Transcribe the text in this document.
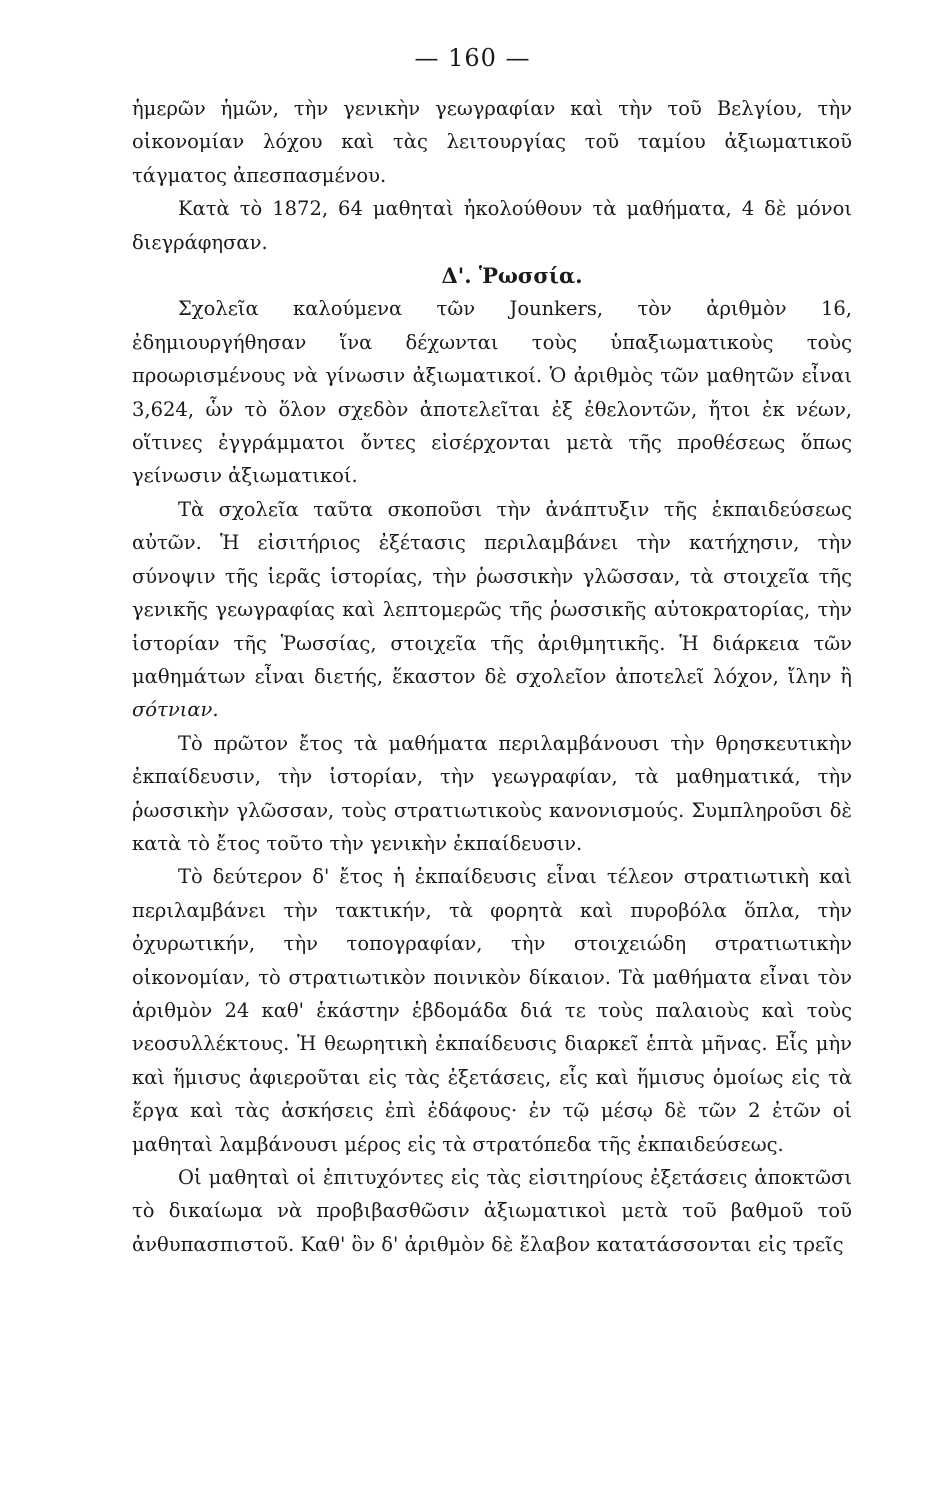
— 160 —

ἡμερῶν ἡμῶν, τὴν γενικὴν γεωγραφίαν καὶ τὴν τοῦ Βελγίου, τὴν οἰκονομίαν λόχου καὶ τὰς λειτουργίας τοῦ ταμίου ἀξιωματικοῦ τάγματος ἀπεσπασμένου.

Κατὰ τὸ 1872, 64 μαθηταὶ ἠκολούθουν τὰ μαθήματα, 4 δὲ μόνοι διεγράφησαν.

Δ'. Ῥωσσία.

Σχολεῖα καλούμενα τῶν Jounkers, τὸν ἀριθμὸν 16, ἐδημιουργήθησαν ἵνα δέχωνται τοὺς ὑπαξιωματικοὺς τοὺς προωρισμένους νὰ γίνωσιν ἀξιωματικοί. Ὁ ἀριθμὸς τῶν μαθητῶν εἶναι 3,624, ὧν τὸ ὅλον σχεδὸν ἀποτελεῖται ἐξ ἐθελοντῶν, ἤτοι ἐκ νέων, οἵτινες ἐγγράμματοι ὄντες εἰσέρχονται μετὰ τῆς προθέσεως ὅπως γείνωσιν ἀξιωματικοί.

Τὰ σχολεῖα ταῦτα σκοποῦσι τὴν ἀνάπτυξιν τῆς ἐκπαιδεύσεως αὐτῶν. Ἡ εἰσιτήριος ἐξέτασις περιλαμβάνει τὴν κατήχησιν, τὴν σύνοψιν τῆς ἱερᾶς ἱστορίας, τὴν ῥωσσικὴν γλῶσσαν, τὰ στοιχεῖα τῆς γενικῆς γεωγραφίας καὶ λεπτομερῶς τῆς ῥωσσικῆς αὐτοκρατορίας, τὴν ἱστορίαν τῆς Ῥωσσίας, στοιχεῖα τῆς ἀριθμητικῆς. Ἡ διάρκεια τῶν μαθημάτων εἶναι διετής, ἕκαστον δὲ σχολεῖον ἀποτελεῖ λόχον, ἴλην ἢ σότνιαν.

Τὸ πρῶτον ἔτος τὰ μαθήματα περιλαμβάνουσι τὴν θρησκευτικὴν ἐκπαίδευσιν, τὴν ἱστορίαν, τὴν γεωγραφίαν, τὰ μαθηματικά, τὴν ῥωσσικὴν γλῶσσαν, τοὺς στρατιωτικοὺς κανονισμούς. Συμπληροῦσι δὲ κατὰ τὸ ἔτος τοῦτο τὴν γενικὴν ἐκπαίδευσιν.

Τὸ δεύτερον δ' ἔτος ἡ ἐκπαίδευσις εἶναι τέλεον στρατιωτικὴ καὶ περιλαμβάνει τὴν τακτικήν, τὰ φορητὰ καὶ πυροβόλα ὅπλα, τὴν ὀχυρωτικήν, τὴν τοπογραφίαν, τὴν στοιχειώδη στρατιωτικὴν οἰκονομίαν, τὸ στρατιωτικὸν ποινικὸν δίκαιον. Τὰ μαθήματα εἶναι τὸν ἀριθμὸν 24 καθ' ἑκάστην ἑβδομάδα διά τε τοὺς παλαιοὺς καὶ τοὺς νεοσυλλέκτους. Ἡ θεωρητικὴ ἐκπαίδευσις διαρκεῖ ἑπτὰ μῆνας. Εἷς μὴν καὶ ἥμισυς ἀφιεροῦται εἰς τὰς ἐξετάσεις, εἷς καὶ ἥμισυς ὁμοίως εἰς τὰ ἔργα καὶ τὰς ἀσκήσεις ἐπὶ ἐδάφους· ἐν τῷ μέσῳ δὲ τῶν 2 ἐτῶν οἱ μαθηταὶ λαμβάνουσι μέρος εἰς τὰ στρατόπεδα τῆς ἐκπαιδεύσεως.

Οἱ μαθηταὶ οἱ ἐπιτυχόντες εἰς τὰς εἰσιτηρίους ἐξετάσεις ἀποκτῶσι τὸ δικαίωμα νὰ προβιβασθῶσιν ἀξιωματικοὶ μετὰ τοῦ βαθμοῦ τοῦ ἀνθυπασπιστοῦ. Καθ' ὃν δ' ἀριθμὸν δὲ ἔλαβον κατατάσσονται εἰς τρεῖς
